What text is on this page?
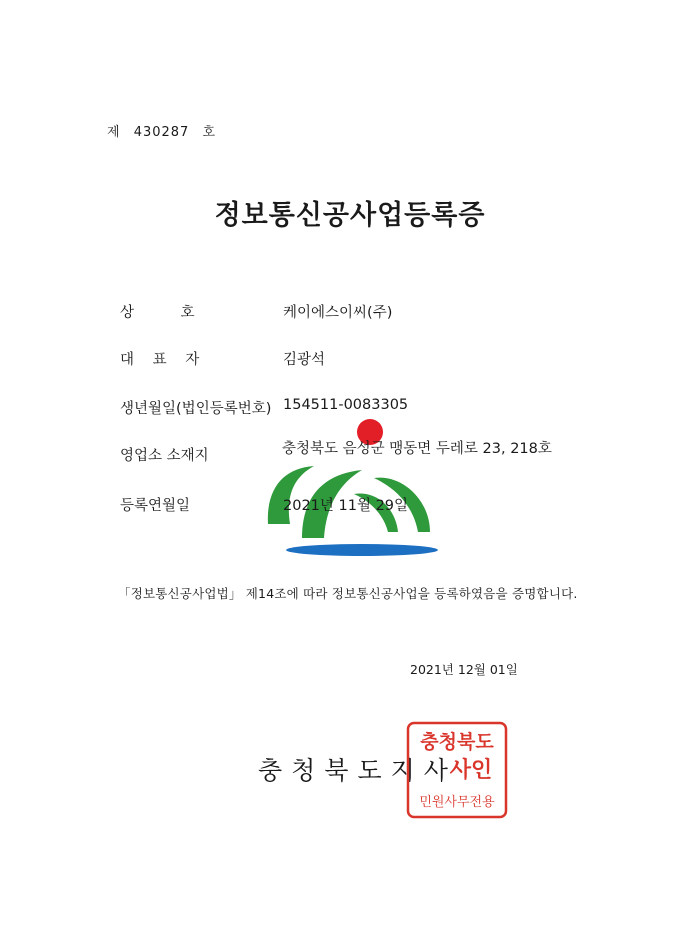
제 430287 호
정보통신공사업등록증
상　호	케이에스이씨(주)
대 표 자	김광석
생년월일(법인등록번호) 154511-0083305
영업소 소재지	충청북도 음성군 맹동면 두레로 23, 218호
등록연월일	2021년 11월 29일
「정보통신공사업법」 제14조에 따라 정보통신공사업을 등록하였음을 증명합니다.
2021년 12월 01일
충청북도지사
충청북도
사인
민원사무전용
